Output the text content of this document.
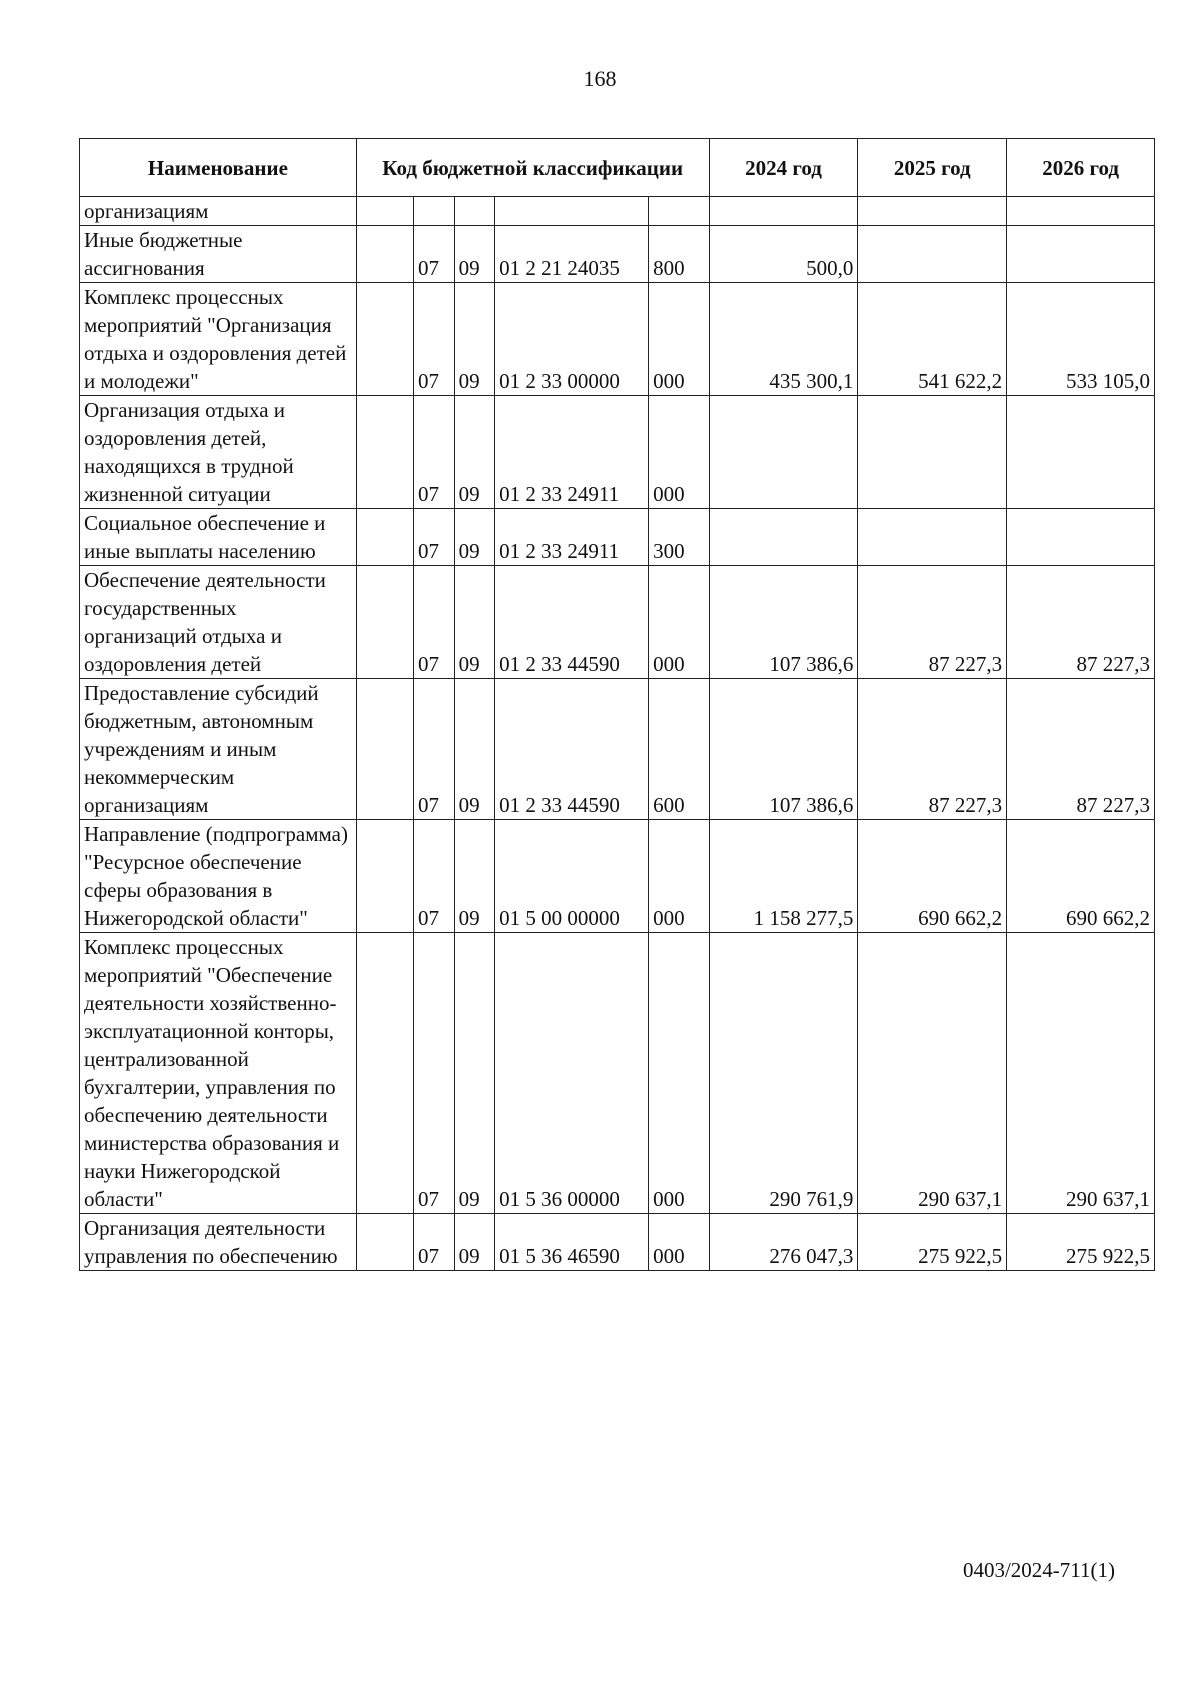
168
Наименование	Код бюджетной классификации					2024 год	2025 год	2026 год
организациям								
Иные бюджетные ассигнования		07	09	01 2 21 24035	800	500,0		
Комплекс процессных мероприятий "Организация отдыха и оздоровления детей и молодежи"		07	09	01 2 33 00000	000	435 300,1	541 622,2	533 105,0
Организация отдыха и оздоровления детей, находящихся в трудной жизненной ситуации		07	09	01 2 33 24911	000			
Социальное обеспечение и иные выплаты населению		07	09	01 2 33 24911	300			
Обеспечение деятельности государственных организаций отдыха и оздоровления детей		07	09	01 2 33 44590	000	107 386,6	87 227,3	87 227,3
Предоставление субсидий бюджетным, автономным учреждениям и иным некоммерческим организациям		07	09	01 2 33 44590	600	107 386,6	87 227,3	87 227,3
Направление (подпрограмма) "Ресурсное обеспечение сферы образования в Нижегородской области"		07	09	01 5 00 00000	000	1 158 277,5	690 662,2	690 662,2
Комплекс процессных мероприятий "Обеспечение деятельности хозяйственно-эксплуатационной конторы, централизованной бухгалтерии, управления по обеспечению деятельности министерства образования и науки Нижегородской области"		07	09	01 5 36 00000	000	290 761,9	290 637,1	290 637,1
Организация деятельности управления по обеспечению		07	09	01 5 36 46590	000	276 047,3	275 922,5	275 922,5
0403/2024-711(1)
